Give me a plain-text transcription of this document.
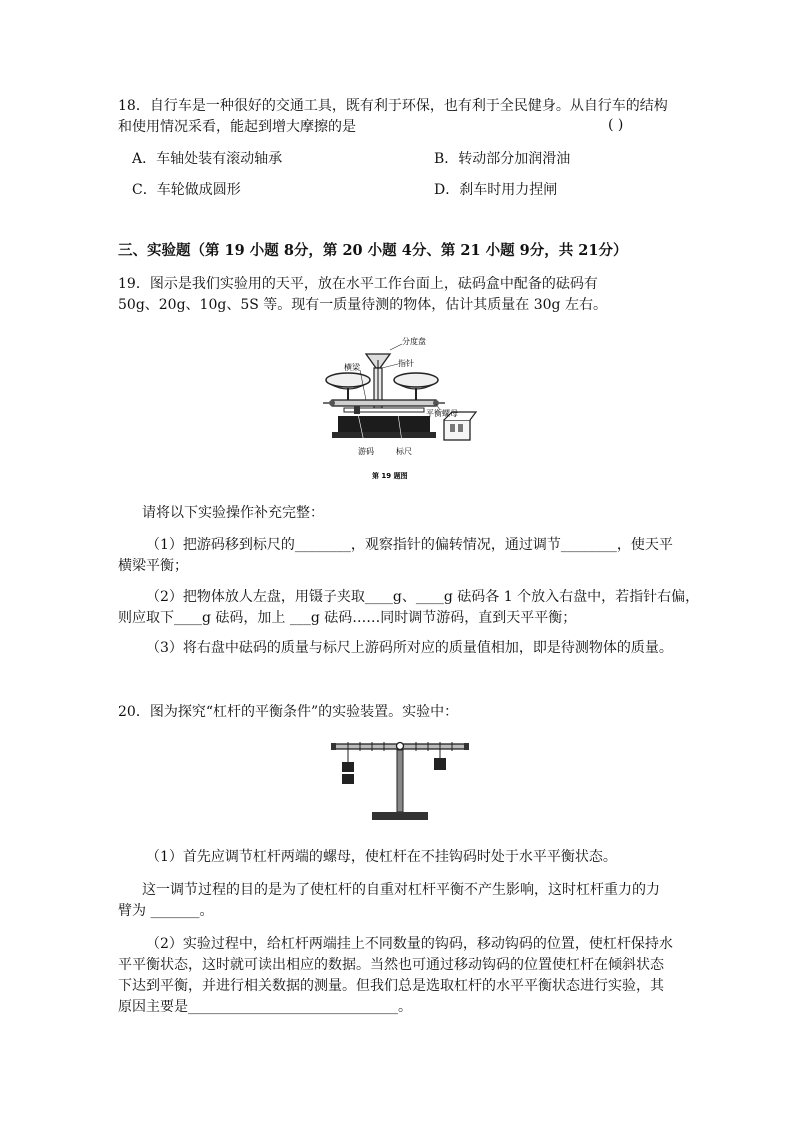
18．自行车是一种很好的交通工具，既有利于环保，也有利于全民健身。从自行车的结构
和使用情况采看，能起到增大摩擦的是	( )
A．车轴处装有滚动轴承	B．转动部分加润滑油
C．车轮做成圆形	D．刹车时用力捏闸
三、实验题（第 19 小题 8分，第 20 小题 4分、第 21 小题 9分，共 21分）
19．图示是我们实验用的天平，放在水平工作台面上，砝码盒中配备的砝码有
50g、20g、10g、5S 等。现有一质量待测的物体，估计其质量在 30g 左右。
分度盘
指针
横梁
平衡螺母
游码	标尺
第 19 题图
请将以下实验操作补充完整：
（1）把游码移到标尺的________，观察指针的偏转情况，通过调节________，使天平
横梁平衡；
（2）把物体放人左盘，用镊子夹取____g、____g 砝码各 1 个放入右盘中，若指针右偏，
则应取下____g 砝码，加上 ___g 砝码……同时调节游码，直到天平平衡；
（3）将右盘中砝码的质量与标尺上游码所对应的质量值相加，即是待测物体的质量。
20．图为探究“杠杆的平衡条件”的实验装置。实验中：
（1）首先应调节杠杆两端的螺母，使杠杆在不挂钩码时处于水平平衡状态。
这一调节过程的目的是为了使杠杆的自重对杠杆平衡不产生影响，这时杠杆重力的力
臂为 _______。
（2）实验过程中，给杠杆两端挂上不同数量的钩码，移动钩码的位置，使杠杆保持水
平平衡状态，这时就可读出相应的数据。当然也可通过移动钩码的位置使杠杆在倾斜状态
下达到平衡，并进行相关数据的测量。但我们总是选取杠杆的水平平衡状态进行实验，其
原因主要是______________________________。
